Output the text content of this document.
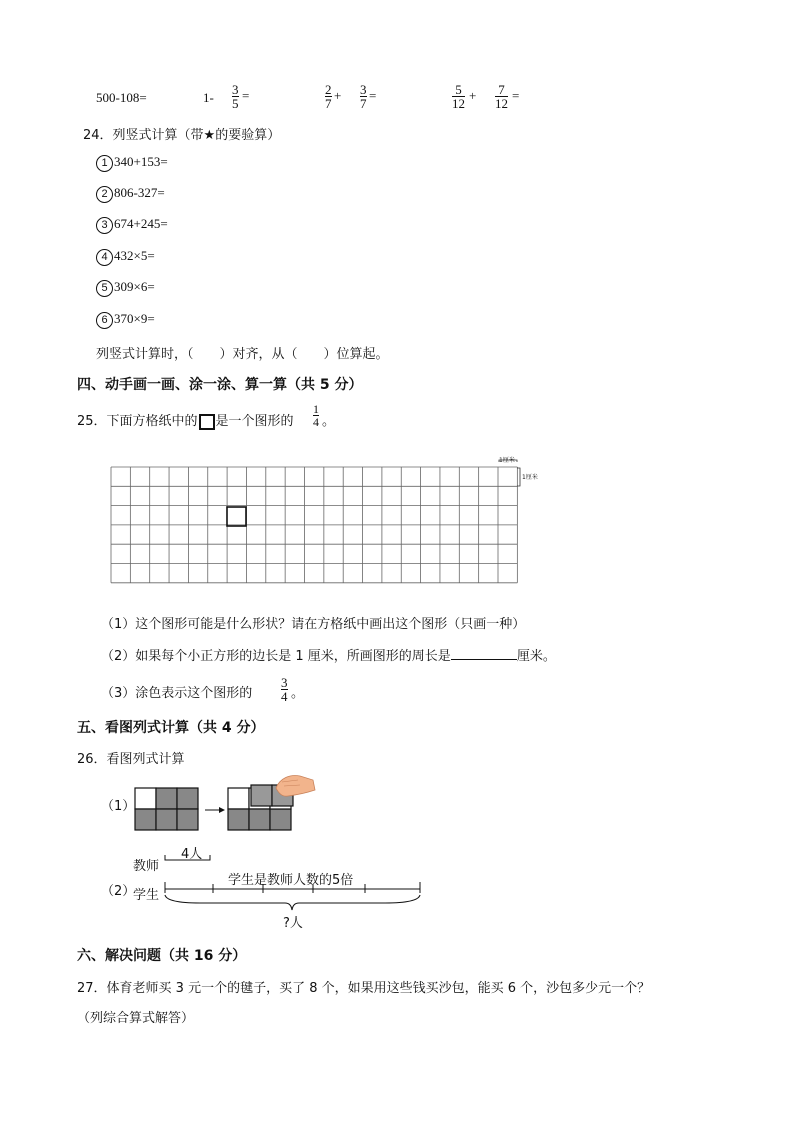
500-108=	$1- \frac{3}{5}$ =	$\frac{2}{7} + \frac{3}{7}$ =	$\frac{5}{12} + \frac{7}{12}$ =
24．列竖式计算（带★的要验算）
1 340+153=
2 806-327=
3 674+245=
4 432×5=
5 309×6=
6 370×9=
列竖式计算时，（　　）对齐，从（　　）位算起。
四、动手画一画、涂一涂、算一算（共 5 分）
25．下面方格纸中的 是一个图形的 $\frac{1}{4}$ 。
1厘米
1厘米
（1）这个图形可能是什么形状？请在方格纸中画出这个图形（只画一种）
（2）如果每个小正方形的边长是 1 厘米，所画图形的周长是	厘米。
（3）涂色表示这个图形的 $\frac{3}{4}$ 。
五、看图列式计算（共 4 分）
26．看图列式计算
（1）
4人
教师
（2）
学生
学生是教师人数的5倍
?人
六、解决问题（共 16 分）
27．体育老师买 3 元一个的毽子，买了 8 个，如果用这些钱买沙包，能买 6 个，沙包多少元一个？
（列综合算式解答）
